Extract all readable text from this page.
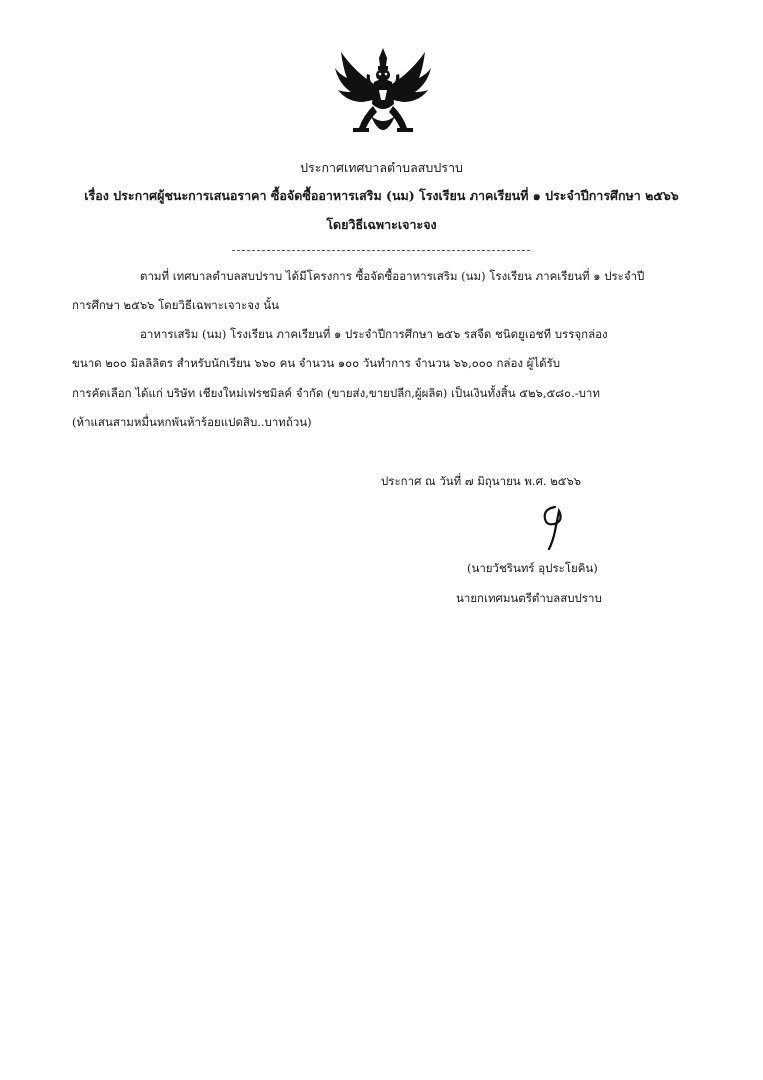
ประกาศเทศบาลตำบลสบปราบ
เรื่อง ประกาศผู้ชนะการเสนอราคา ซื้อจัดซื้ออาหารเสริม (นม) โรงเรียน ภาคเรียนที่ ๑ ประจำปีการศึกษา ๒๕๖๖
โดยวิธีเฉพาะเจาะจง
ตามที่ เทศบาลตำบลสบปราบ ได้มีโครงการ ซื้อจัดซื้ออาหารเสริม (นม) โรงเรียน ภาคเรียนที่ ๑ ประจำปี
การศึกษา ๒๕๖๖ โดยวิธีเฉพาะเจาะจง นั้น
อาหารเสริม (นม) โรงเรียน ภาคเรียนที่ ๑ ประจำปีการศึกษา ๒๕๖ รสจืด ชนิดยูเอชที บรรจุกล่อง
ขนาด ๒๐๐ มิลลิลิตร สำหรับนักเรียน ๖๖๐ คน จำนวน ๑๐๐ วันทำการ จำนวน ๖๖,๐๐๐ กล่อง ผู้ได้รับ
การคัดเลือก ได้แก่ บริษัท เชียงใหม่เฟรชมิลค์ จำกัด (ขายส่ง,ขายปลีก,ผู้ผลิต) เป็นเงินทั้งสิ้น ๕๒๖,๕๘๐.-บาท
(ห้าแสนสามหมื่นหกพันห้าร้อยแปดสิบ..บาทถ้วน)
ประกาศ ณ วันที่ ๗ มิถุนายน พ.ศ. ๒๕๖๖
(นายวัชรินทร์ อุประโยคิน)
นายกเทศมนตรีตำบลสบปราบ
